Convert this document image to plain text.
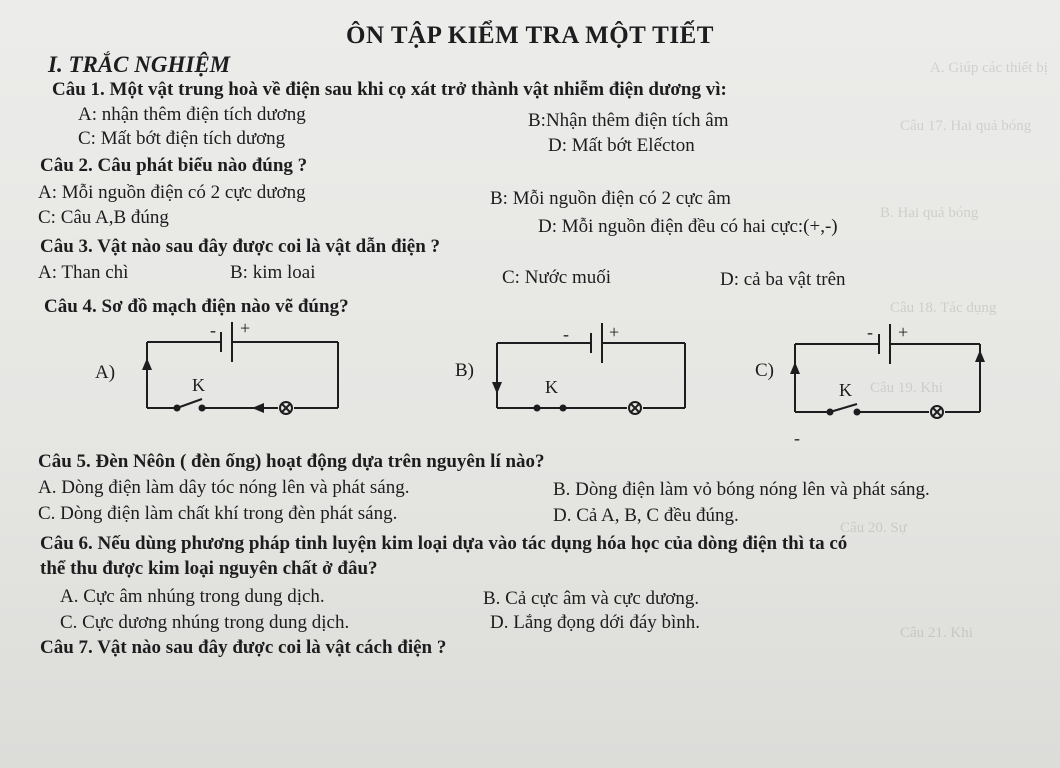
A. Giúp các thiết bị
Câu 17. Hai quả bóng
B. Hai quả bóng
Câu 18. Tác dụng
Câu 19. Khi
Câu 20. Sự
Câu 21. Khi
ÔN TẬP KIỂM TRA MỘT TIẾT
I. TRẮC NGHIỆM
Câu 1. Một vật trung hoà về điện sau khi cọ xát trở thành vật nhiễm điện dương vì:
A: nhận thêm điện tích dương	B:Nhận thêm điện tích âm
C: Mất bớt điện tích dương	D: Mất bớt Elếcton
Câu 2. Câu phát biểu nào đúng ?
A: Mỗi nguồn điện có 2 cực dương	B: Mỗi nguồn điện có 2 cực âm
C: Câu A,B đúng	D: Mỗi nguồn điện đều có hai cực:(+,-)
Câu 3. Vật nào sau đây được coi là vật dẫn điện ?
A: Than chì	B: kim loai	C: Nước muối	D: cả ba vật trên
Câu 4. Sơ đồ mạch điện nào vẽ đúng?
A)
- +
K
B)
- +
K
C)
- +
K
-
Câu 5. Đèn Nêôn ( đèn ống) hoạt động dựa trên nguyên lí nào?
A. Dòng điện làm dây tóc nóng lên và phát sáng.	B. Dòng điện làm vỏ bóng nóng lên và phát sáng.
C. Dòng điện làm chất khí trong đèn phát sáng.	D. Cả A, B, C đều đúng.
Câu 6. Nếu dùng phương pháp tinh luyện kim loại dựa vào tác dụng hóa học của dòng điện thì ta có
thể thu được kim loại nguyên chất ở đâu?
A. Cực âm nhúng trong dung dịch.	B. Cả cực âm và cực dương.
C. Cực dương nhúng trong dung dịch.	D. Lắng đọng dới đáy bình.
Câu 7. Vật nào sau đây được coi là vật cách điện ?
